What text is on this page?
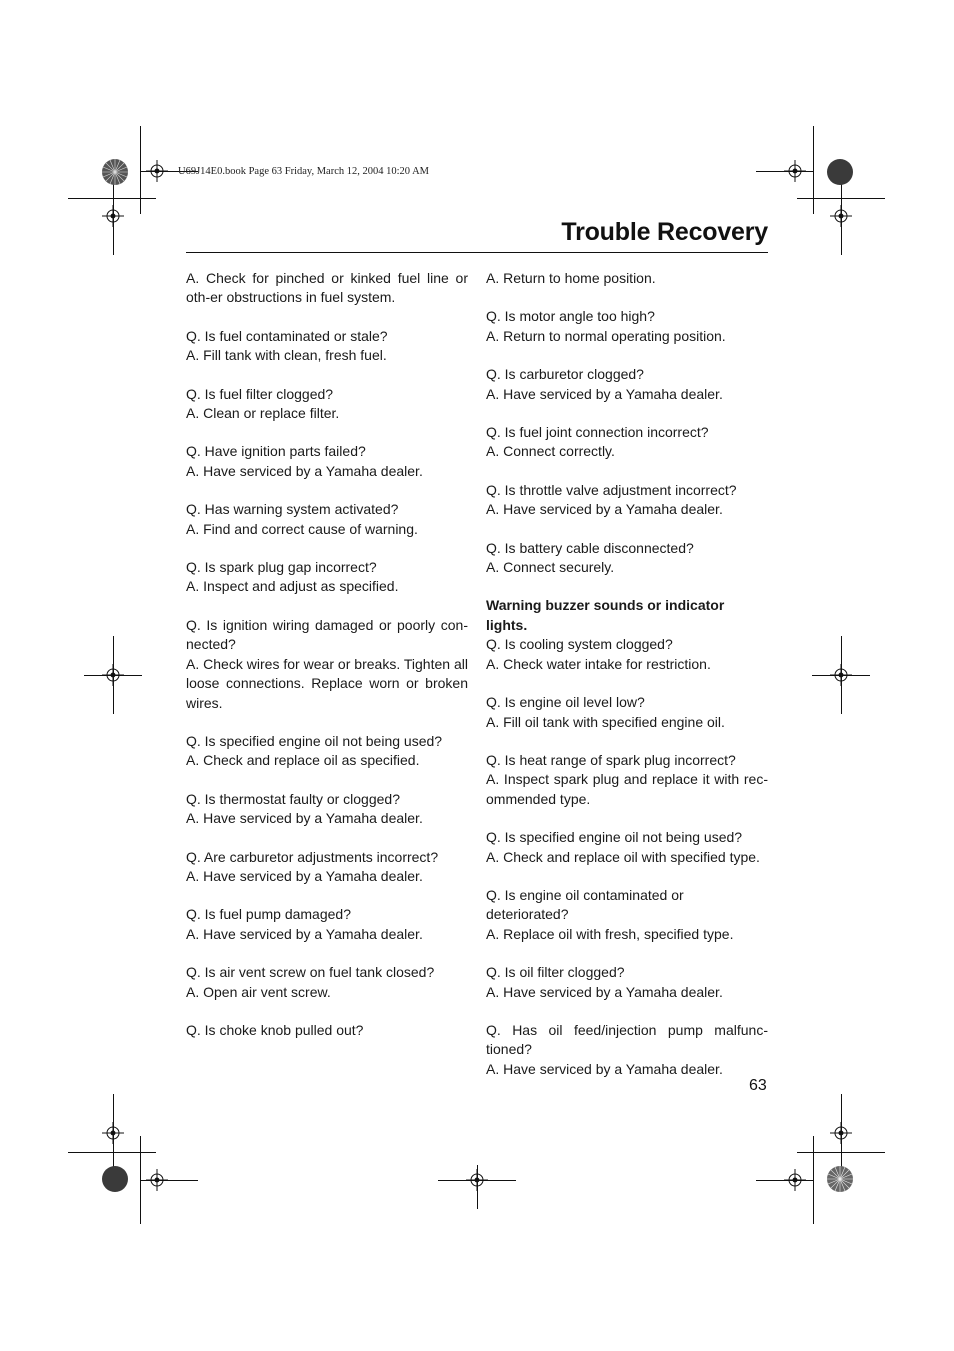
U69J14E0.book Page 63 Friday, March 12, 2004 10:20 AM
Trouble Recovery

A. Check for pinched or kinked fuel line or oth-er obstructions in fuel system.

Q. Is fuel contaminated or stale?

A. Fill tank with clean, fresh fuel.

Q. Is fuel filter clogged?

A. Clean or replace filter.

Q. Have ignition parts failed?

A. Have serviced by a Yamaha dealer.

Q. Has warning system activated?

A. Find and correct cause of warning.

Q. Is spark plug gap incorrect?

A. Inspect and adjust as specified.

Q. Is ignition wiring damaged or poorly con-nected?

A. Check wires for wear or breaks. Tighten all loose connections. Replace worn or broken wires.

Q. Is specified engine oil not being used?

A. Check and replace oil as specified.

Q. Is thermostat faulty or clogged?

A. Have serviced by a Yamaha dealer.

Q. Are carburetor adjustments incorrect?

A. Have serviced by a Yamaha dealer.

Q. Is fuel pump damaged?

A. Have serviced by a Yamaha dealer.

Q. Is air vent screw on fuel tank closed?

A. Open air vent screw.

Q. Is choke knob pulled out?

A. Return to home position.

Q. Is motor angle too high?

A. Return to normal operating position.

Q. Is carburetor clogged?

A. Have serviced by a Yamaha dealer.

Q. Is fuel joint connection incorrect?

A. Connect correctly.

Q. Is throttle valve adjustment incorrect?

A. Have serviced by a Yamaha dealer.

Q. Is battery cable disconnected?

A. Connect securely.

Warning buzzer sounds or indicator lights.

Q. Is cooling system clogged?

A. Check water intake for restriction.

Q. Is engine oil level low?

A. Fill oil tank with specified engine oil.

Q. Is heat range of spark plug incorrect?

A. Inspect spark plug and replace it with rec-ommended type.

Q. Is specified engine oil not being used?

A. Check and replace oil with specified type.

Q. Is engine oil contaminated or deteriorated?

A. Replace oil with fresh, specified type.

Q. Is oil filter clogged?

A. Have serviced by a Yamaha dealer.

Q. Has oil feed/injection pump malfunc-tioned?

A. Have serviced by a Yamaha dealer.

63
